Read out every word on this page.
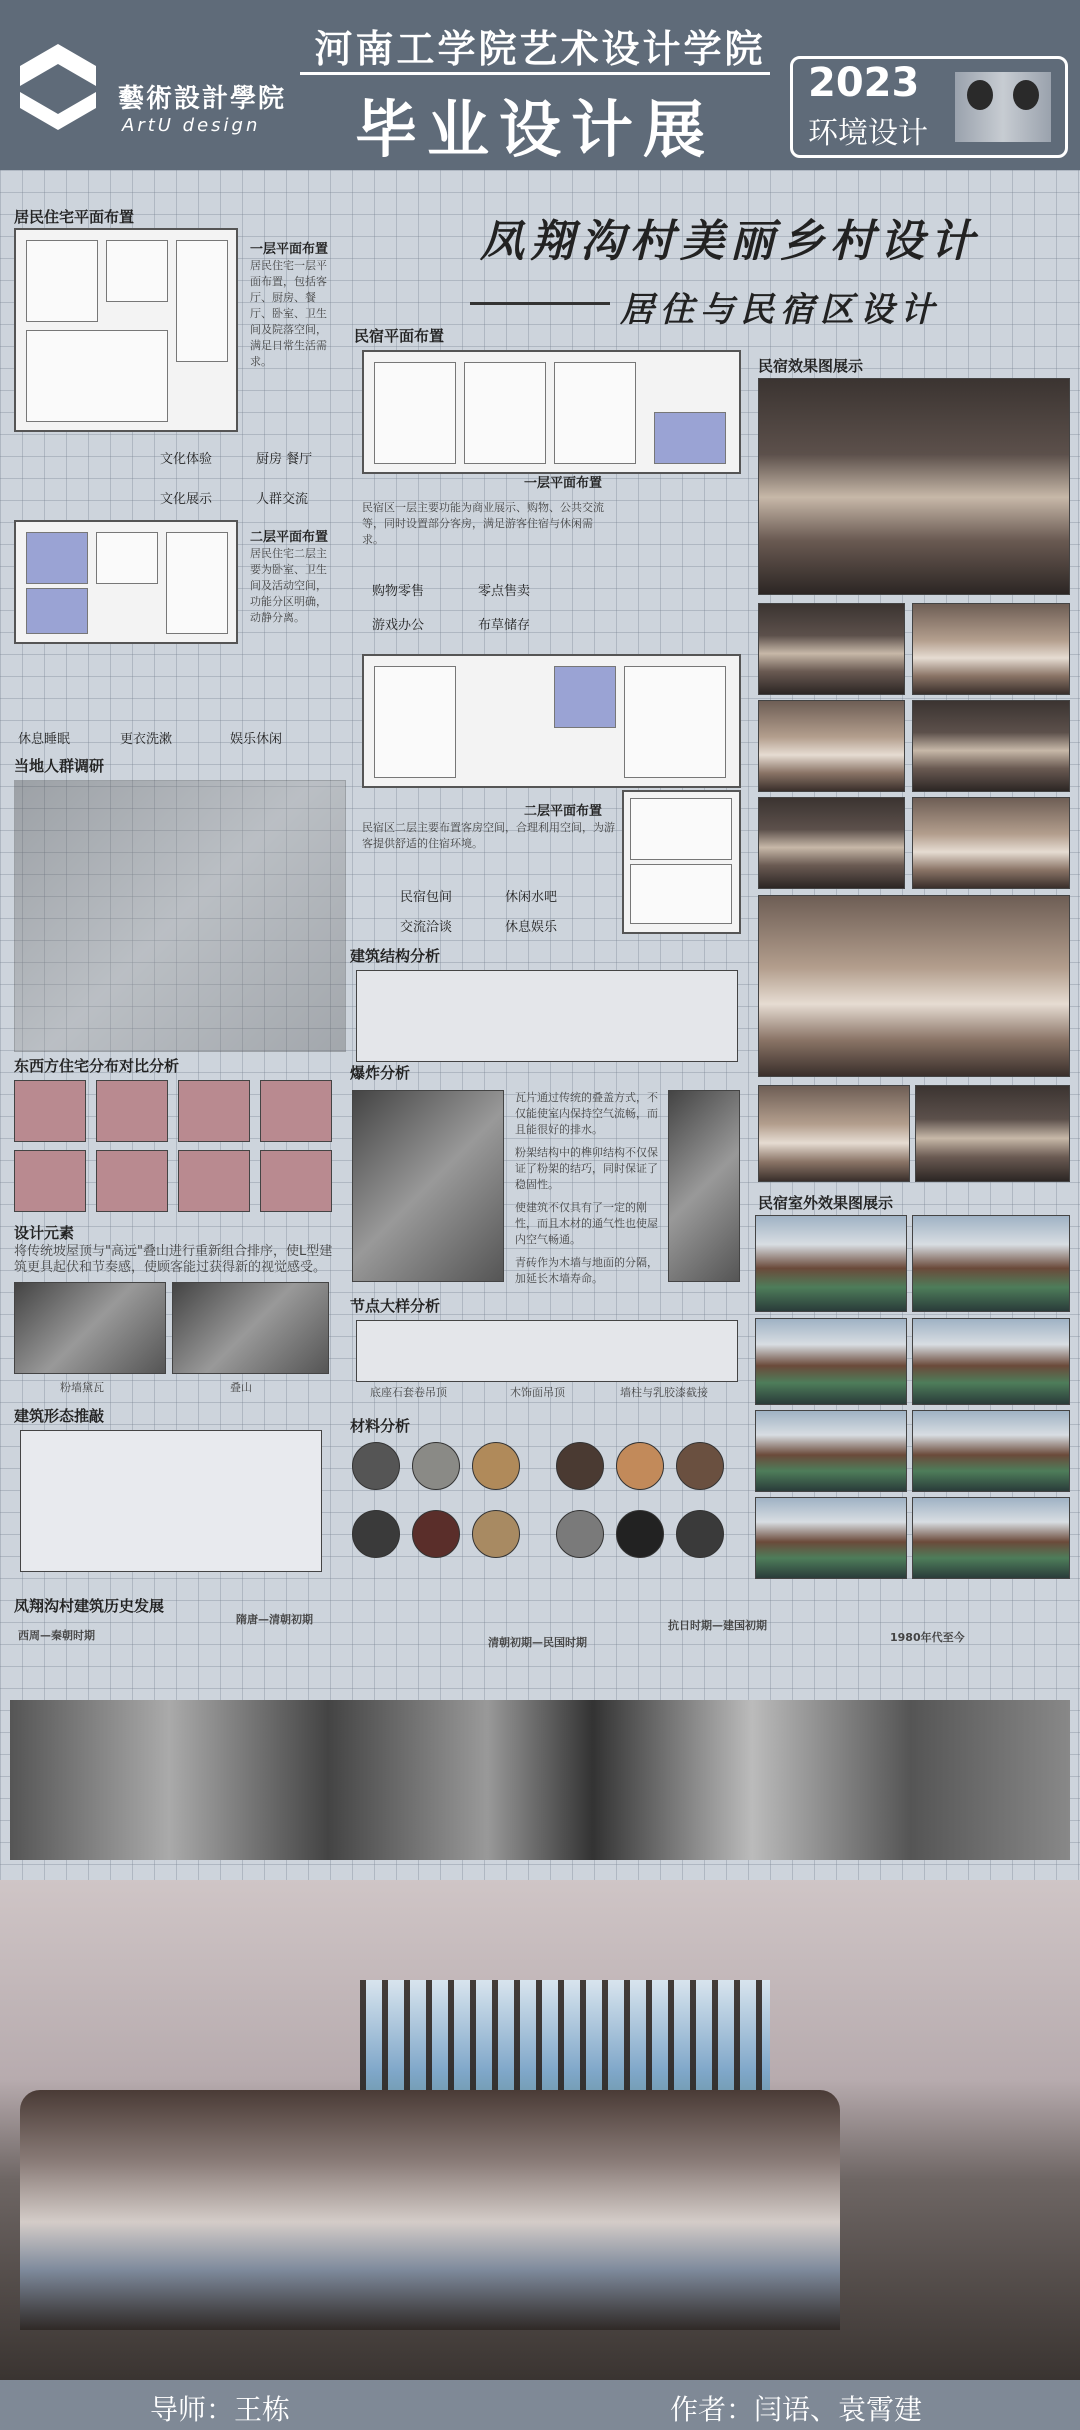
藝術設計學院
ArtU design
河南工学院艺术设计学院
毕业设计展
2023
环境设计
凤翔沟村美丽乡村设计
居住与民宿区设计
居民住宅平面布置
一层平面布置
居民住宅一层平面布置，包括客厅、厨房、餐厅、卧室、卫生间及院落空间，满足日常生活需求。
文化体验	厨房 餐厅
文化展示	人群交流
二层平面布置
居民住宅二层主要为卧室、卫生间及活动空间，功能分区明确，动静分离。
休息睡眠	更衣洗漱	娱乐休闲
民宿平面布置
民宿区一层主要功能为商业展示、购物、公共交流等，同时设置部分客房，满足游客住宿与休闲需求。
一层平面布置
购物零售	零点售卖
游戏办公	布草储存
二层平面布置
民宿区二层主要布置客房空间，合理利用空间，为游客提供舒适的住宿环境。
民宿包间	休闲水吧
交流洽谈	休息娱乐
民宿效果图展示
当地人群调研
东西方住宅分布对比分析
设计元素
将传统坡屋顶与"高远"叠山进行重新组合排序，使L型建筑更具起伏和节奏感，使顾客能过获得新的视觉感受。
粉墙黛瓦	叠山
建筑形态推敲
建筑结构分析
爆炸分析
瓦片通过传统的叠盖方式，不仅能使室内保持空气流畅，而且能很好的排水。
粉架结构中的榫卯结构不仅保证了粉架的结巧，同时保证了稳固性。
使建筑不仅具有了一定的刚性，而且木材的通气性也使屋内空气畅通。
青砖作为木墙与地面的分隔，加延长木墙寿命。
节点大样分析
底座石套卷吊顶	木饰面吊顶	墙柱与乳胶漆截接
材料分析
民宿室外效果图展示
凤翔沟村建筑历史发展
西周—秦朝时期
隋唐—清朝初期
清朝初期—民国时期
抗日时期—建国初期
1980年代至今
导师：王栋	作者：闫语、袁霄建
